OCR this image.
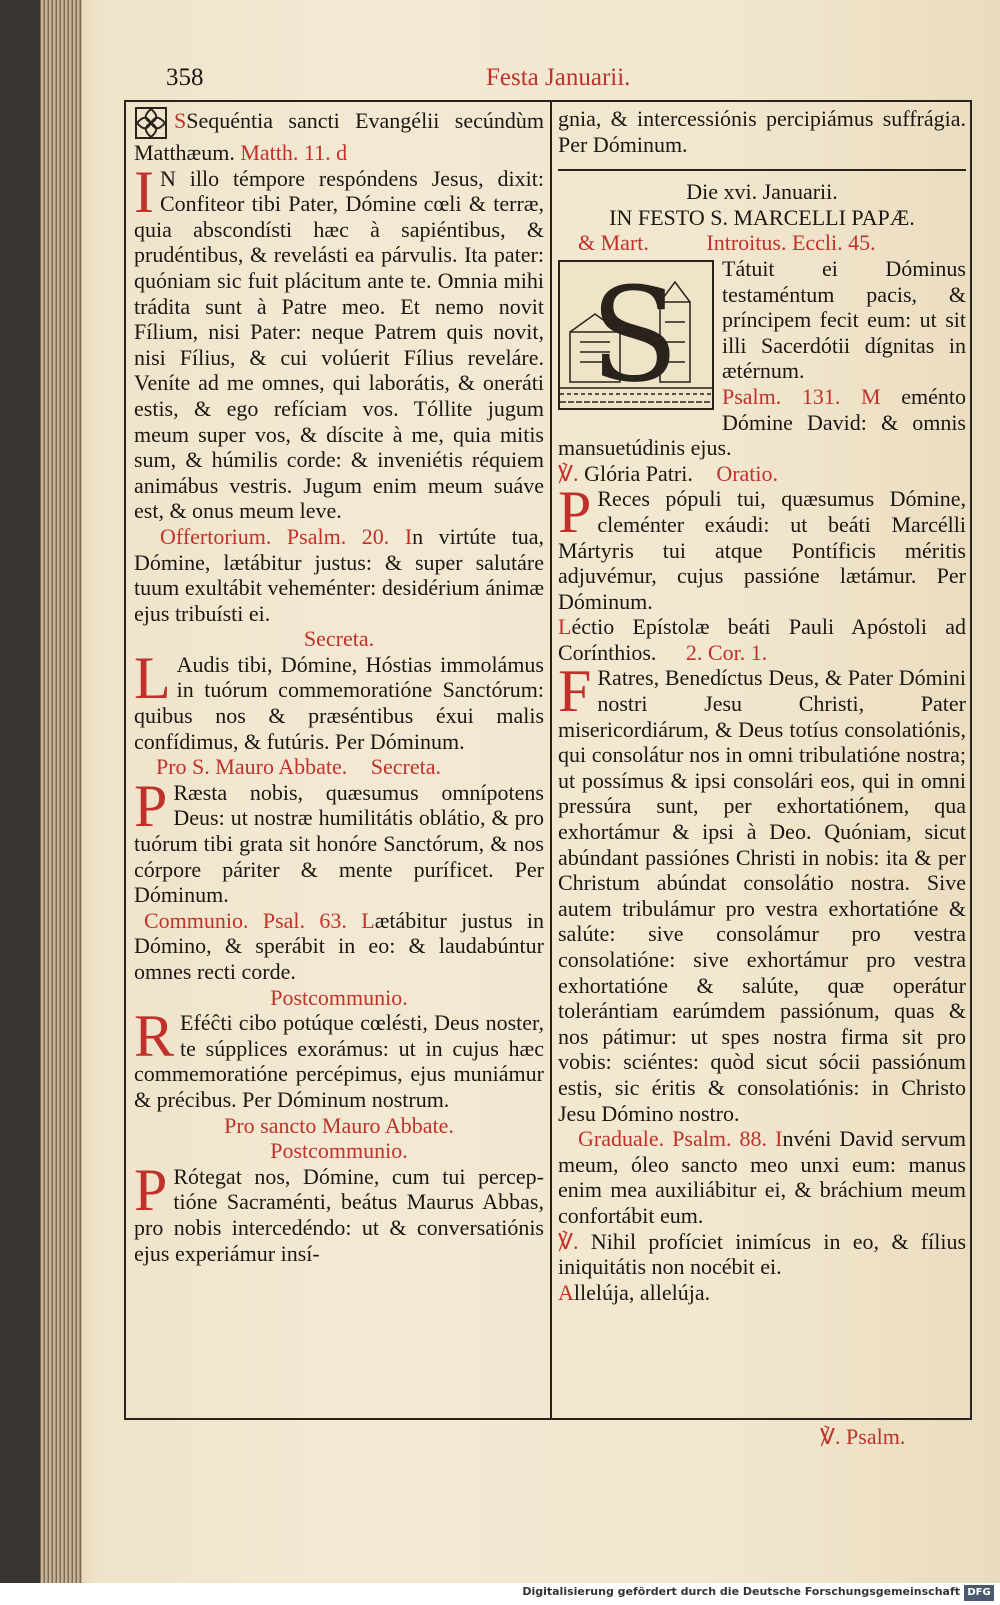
358	Festa Januarii.

SSequéntia sancti Evangélii secúndùm Matthæum. Matth. 11. d

I N illo témpore respóndens Jesus, dixit: Confiteor tibi Pater, Dómine cœli & terræ, quia abscondísti hæc à sapiéntibus, & prudéntibus, & revelásti ea párvulis. Ita pater: quóniam sic fuit plácitum ante te. Omnia mihi trádita sunt à Patre meo. Et nemo novit Fílium, nisi Pater: neque Patrem quis novit, nisi Fílius, & cui volúerit Fílius reveláre. Veníte ad me omnes, qui laborátis, & oneráti estis, & ego refíciam vos. Tóllite jugum meum super vos, & díscite à me, quia mitis sum, & húmilis corde: & inveniétis réquiem animábus vestris. Jugum enim meum suáve est, & onus meum leve.

Offertorium. Psalm. 20. In virtúte tua, Dómine, lætábitur justus: & super salutáre tuum exultábit veheménter: desidérium ánimæ ejus tribuísti ei.

Secreta.

L Audis tibi, Dómine, Hóstias immolámus in tuórum commemoratióne Sanctórum: quibus nos & præséntibus éxui malis confídimus, & futúris. Per Dóminum.

Pro S. Mauro Abbate. Secreta.

P Ræsta nobis, quæsumus omnípotens Deus: ut nostræ humilitátis oblátio, & pro tuórum tibi grata sit honóre Sanctórum, & nos córpore páriter & mente puríficet. Per Dóminum.

Communio. Psal. 63. Lætábitur justus in Dómino, & sperábit in eo: & laudabúntur omnes recti corde.

Postcommunio.

R Eféĉti cibo potúque cœlésti, Deus noster, te súpplices exorámus: ut in cujus hæc commemoratióne percépimus, ejus muniámur & précibus. Per Dóminum nostrum.

Pro sancto Mauro Abbate.

Postcommunio.

P Rótegat nos, Dómine, cum tui perceptióne Sacraménti, beátus Maurus Abbas, pro nobis intercedéndo: ut & conversatiónis ejus experiámur insí-

gnia, & intercessiónis percipiámus suffrágia. Per Dóminum.

Die xvi. Januarii.

IN FESTO S. MARCELLI PAPÆ.

& Mart.	Introitus. Eccli. 45.

S	Tátuit ei Dóminus testaméntum pacis, & príncipem fecit eum: ut sit illi Sacerdótii dígnitas in ætérnum.

Psalm. 131. M eménto Dómine David: & omnis mansuetúdinis ejus.

℣. Glória Patri. Oratio.

P Reces pópuli tui, quæsumus Dómine, cleménter exáudi: ut beáti Marcélli Mártyris tui atque Pontíficis méritis adjuvémur, cujus passióne lætámur. Per Dóminum.

Léctio Epístolæ beáti Pauli Apóstoli ad Corínthios. 2. Cor. 1.

F Ratres, Benedíctus Deus, & Pater Dómini nostri Jesu Christi, Pater misericordiárum, & Deus totíus consolatiónis, qui consolátur nos in omni tribulatióne nostra; ut possímus & ipsi consolári eos, qui in omni pressúra sunt, per exhortatiónem, qua exhortámur & ipsi à Deo. Quóniam, sicut abúndant passiónes Christi in nobis: ita & per Christum abúndat consolátio nostra. Sive autem tribulámur pro vestra exhortatióne & salúte: sive consolámur pro vestra consolatióne: sive exhortámur pro vestra exhortatióne & salúte, quæ operátur tolerántiam earúmdem passiónum, quas & nos pátimur: ut spes nostra firma sit pro vobis: sciéntes: quòd sicut sócii passiónum estis, sic éritis & consolatiónis: in Christo Jesu Dómino nostro.

Graduale. Psalm. 88. Invéni David servum meum, óleo sancto meo unxi eum: manus enim mea auxiliábitur ei, & bráchium meum confortábit eum.

℣. Nihil profíciet inimícus in eo, & fílius iniquitátis non nocébit ei.

Allelúja, allelúja.

℣. Psalm.
Digitalisierung gefördert durch die Deutsche Forschungsgemeinschaft DFG
